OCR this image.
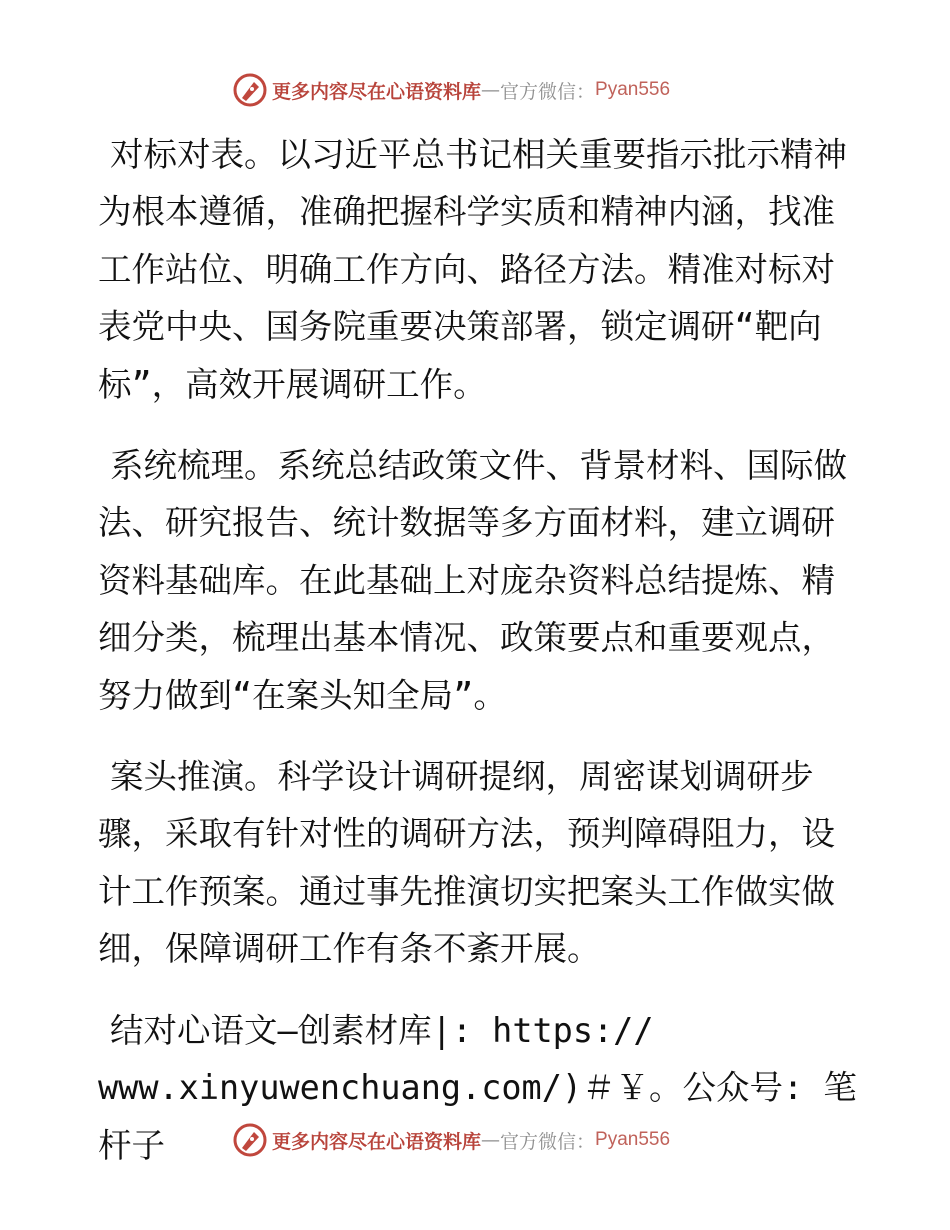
更多内容尽在心语资料库 — 官方微信： Pyan556

对标对表。以习近平总书记相关重要指示批示精神为根本遵循，准确把握科学实质和精神内涵，找准工作站位、明确工作方向、路径方法。精准对标对表党中央、国务院重要决策部署，锁定调研“靶向标”，高效开展调研工作。

系统梳理。系统总结政策文件、背景材料、国际做法、研究报告、统计数据等多方面材料，建立调研资料基础库。在此基础上对庞杂资料总结提炼、精细分类，梳理出基本情况、政策要点和重要观点，努力做到“在案头知全局”。

案头推演。科学设计调研提纲，周密谋划调研步骤，采取有针对性的调研方法，预判障碍阻力，设计工作预案。通过事先推演切实把案头工作做实做细，保障调研工作有条不紊开展。

结对心语文—创素材库|: https://
www.xinyuwenchuang.com/)＃￥。公众号: 笔杆子	更多内容尽在心语资料库 — 官方微信： Pyan556
